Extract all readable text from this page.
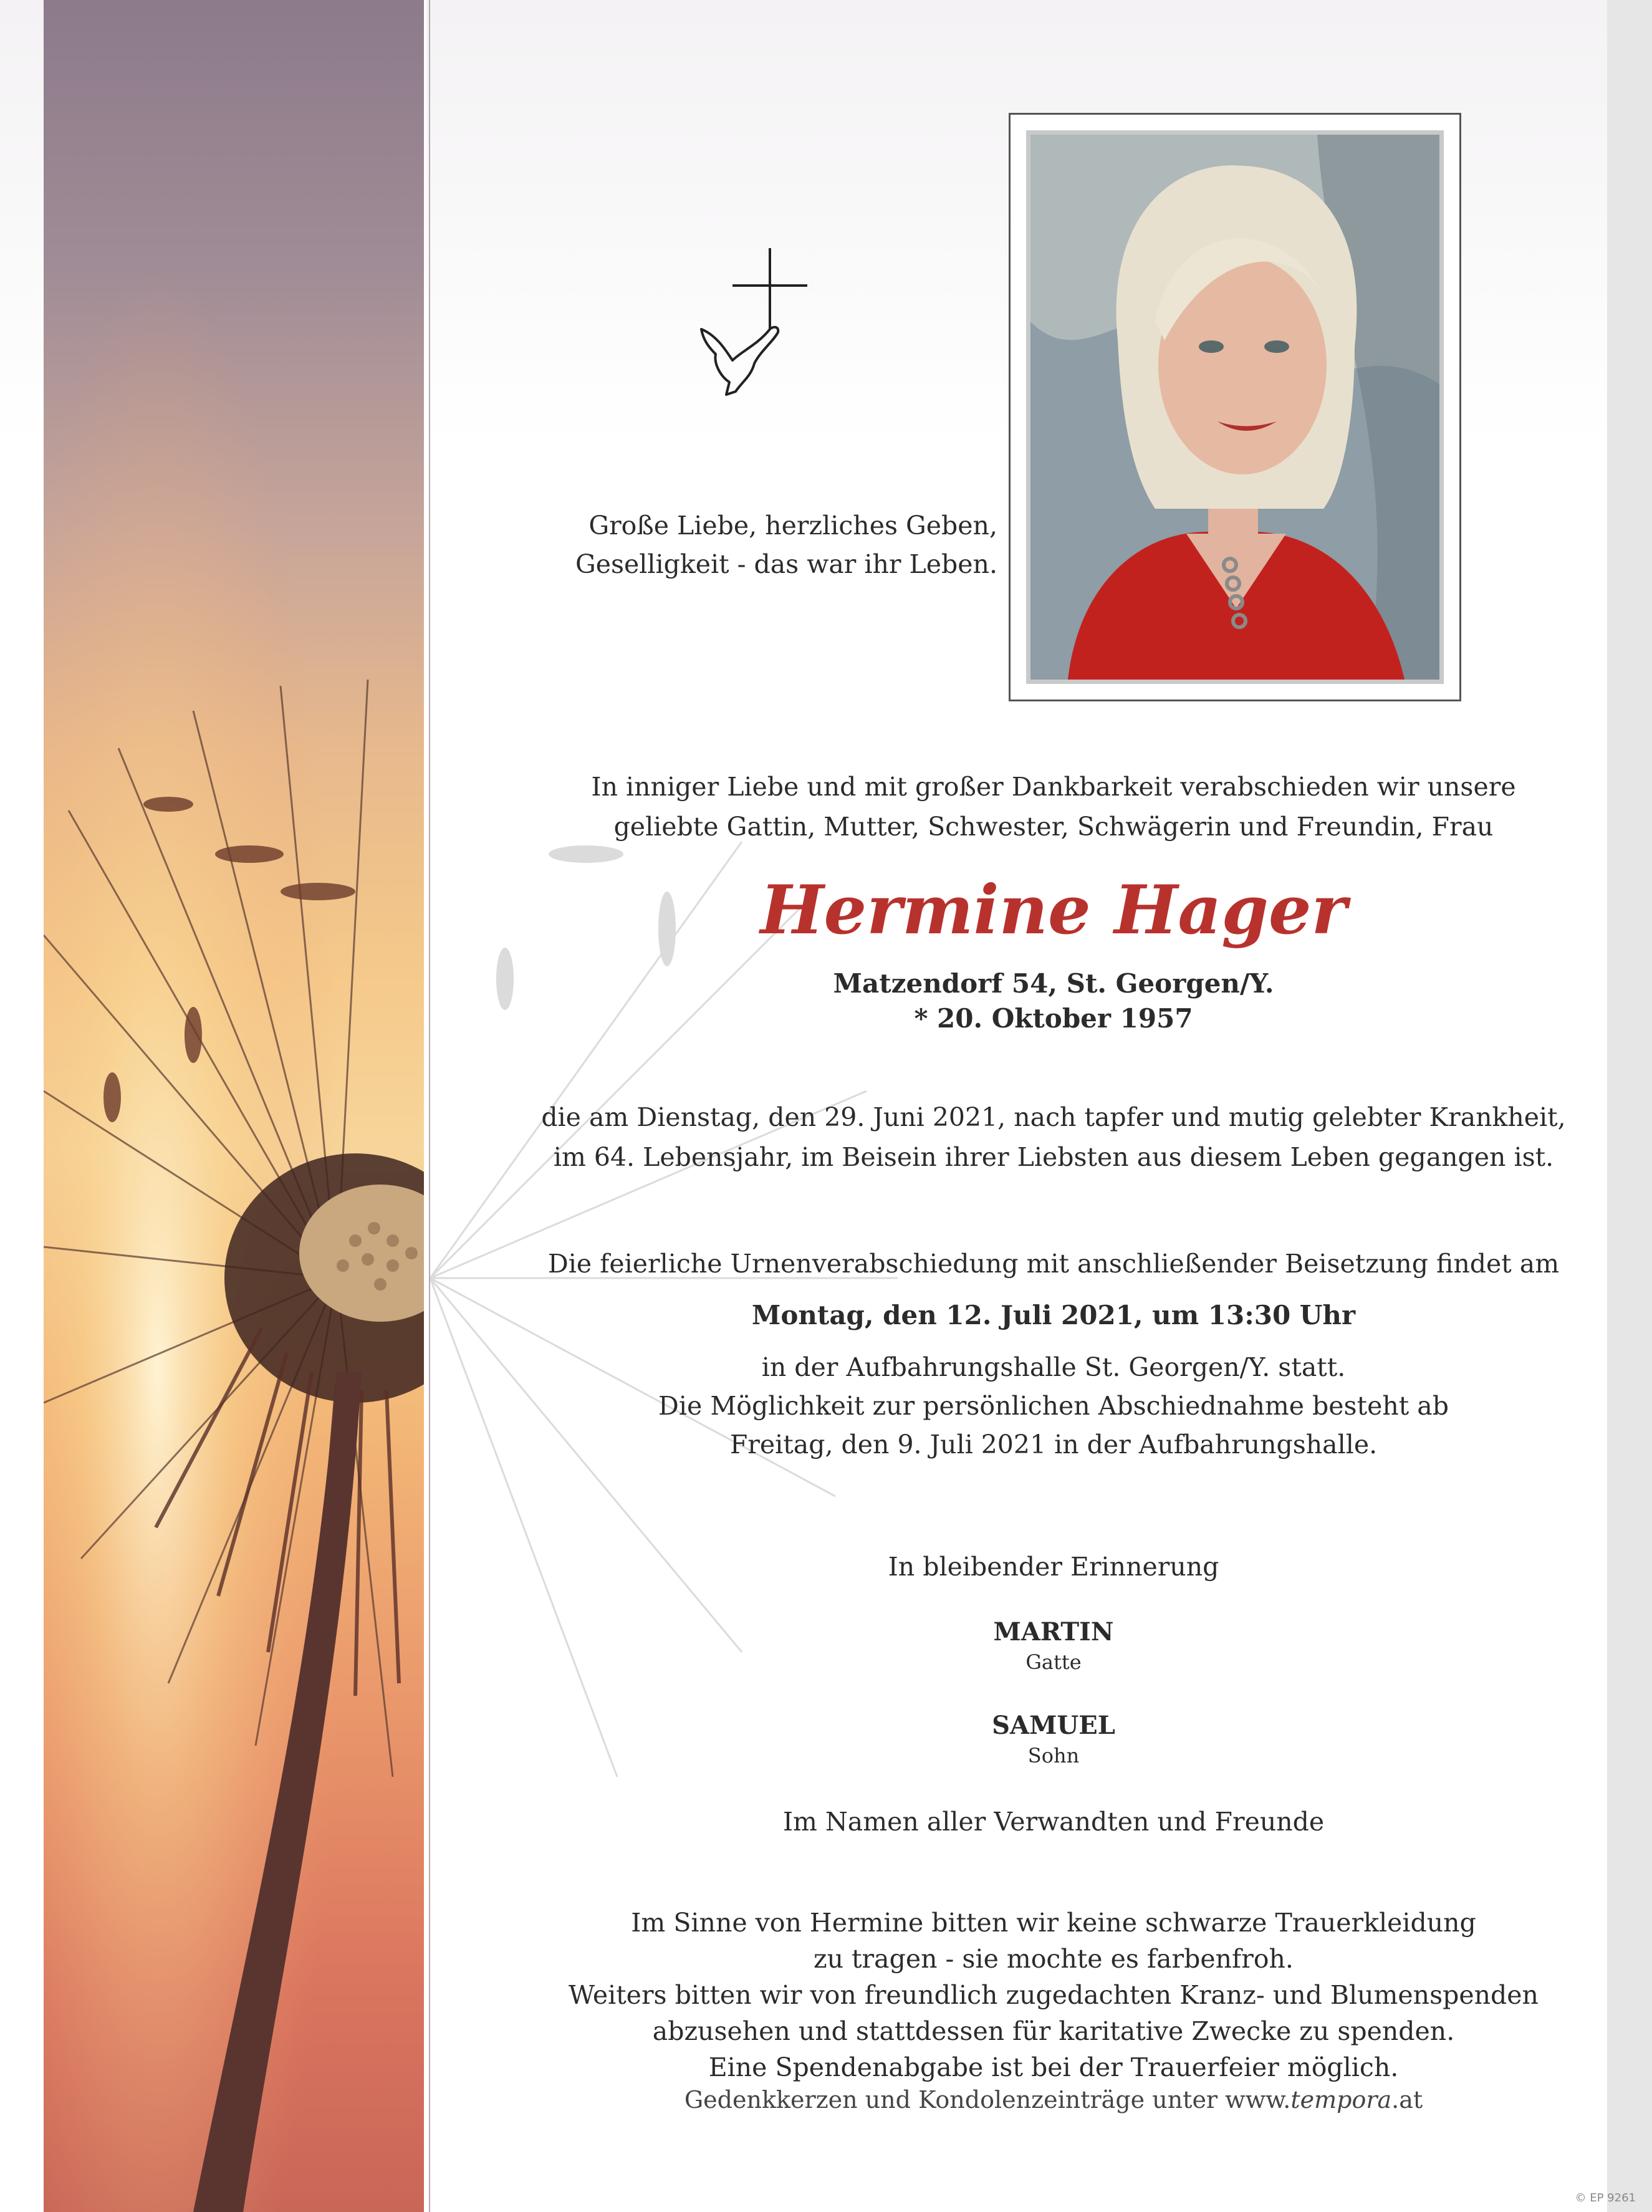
Große Liebe, herzliches Geben,
Geselligkeit - das war ihr Leben.
In inniger Liebe und mit großer Dankbarkeit verabschieden wir unsere
geliebte Gattin, Mutter, Schwester, Schwägerin und Freundin, Frau
Hermine Hager
Matzendorf 54, St. Georgen/Y.
* 20. Oktober 1957
die am Dienstag, den 29. Juni 2021, nach tapfer und mutig gelebter Krankheit,
im 64. Lebensjahr, im Beisein ihrer Liebsten aus diesem Leben gegangen ist.
Die feierliche Urnenverabschiedung mit anschließender Beisetzung findet am
Montag, den 12. Juli 2021, um 13:30 Uhr
in der Aufbahrungshalle St. Georgen/Y. statt.
Die Möglichkeit zur persönlichen Abschiednahme besteht ab
Freitag, den 9. Juli 2021 in der Aufbahrungshalle.
In bleibender Erinnerung
MARTIN
Gatte
SAMUEL
Sohn
Im Namen aller Verwandten und Freunde
Im Sinne von Hermine bitten wir keine schwarze Trauerkleidung
zu tragen - sie mochte es farbenfroh.
Weiters bitten wir von freundlich zugedachten Kranz- und Blumenspenden
abzusehen und stattdessen für karitative Zwecke zu spenden.
Eine Spendenabgabe ist bei der Trauerfeier möglich.
Gedenkkerzen und Kondolenzeinträge unter www.tempora.at
© EP 9261
